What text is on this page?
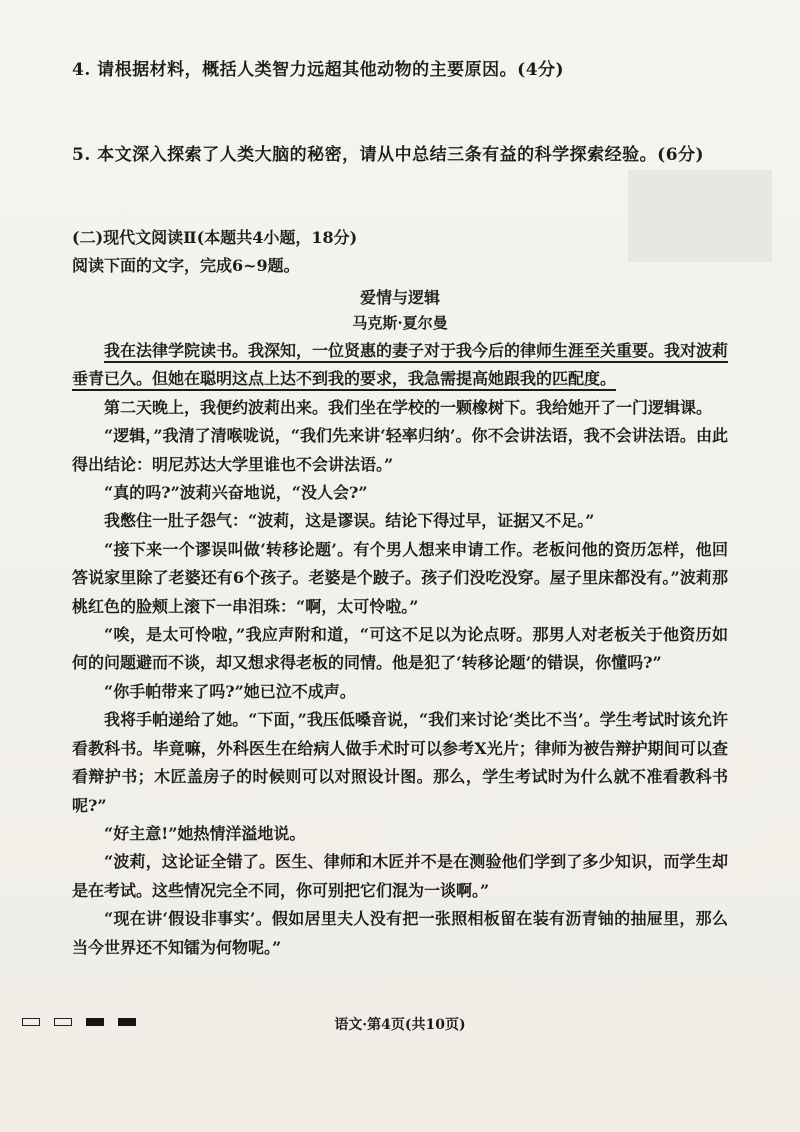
4. 请根据材料，概括人类智力远超其他动物的主要原因。(4分)
5. 本文深入探索了人类大脑的秘密，请从中总结三条有益的科学探索经验。(6分)
(二)现代文阅读Ⅱ(本题共4小题，18分)
阅读下面的文字，完成6~9题。
爱情与逻辑
马克斯·夏尔曼

我在法律学院读书。我深知，一位贤惠的妻子对于我今后的律师生涯至关重要。我对波莉垂青已久。但她在聪明这点上达不到我的要求，我急需提高她跟我的匹配度。

第二天晚上，我便约波莉出来。我们坐在学校的一颗橡树下。我给她开了一门逻辑课。

“逻辑，”我清了清喉咙说，“我们先来讲‘轻率归纳’。你不会讲法语，我不会讲法语。由此得出结论：明尼苏达大学里谁也不会讲法语。”

“真的吗?”波莉兴奋地说，“没人会?”

我憋住一肚子怨气：“波莉，这是谬误。结论下得过早，证据又不足。”

“接下来一个谬误叫做‘转移论题’。有个男人想来申请工作。老板问他的资历怎样，他回答说家里除了老婆还有6个孩子。老婆是个跛子。孩子们没吃没穿。屋子里床都没有。”波莉那桃红色的脸颊上滚下一串泪珠：“啊，太可怜啦。”

“唉，是太可怜啦，”我应声附和道，“可这不足以为论点呀。那男人对老板关于他资历如何的问题避而不谈，却又想求得老板的同情。他是犯了‘转移论题’的错误，你懂吗?”

“你手帕带来了吗?”她已泣不成声。

我将手帕递给了她。“下面，”我压低嗓音说，“我们来讨论‘类比不当’。学生考试时该允许看教科书。毕竟嘛，外科医生在给病人做手术时可以参考X光片；律师为被告辩护期间可以查看辩护书；木匠盖房子的时候则可以对照设计图。那么，学生考试时为什么就不准看教科书呢?”

“好主意!”她热情洋溢地说。

“波莉，这论证全错了。医生、律师和木匠并不是在测验他们学到了多少知识，而学生却是在考试。这些情况完全不同，你可别把它们混为一谈啊。”

“现在讲‘假设非事实’。假如居里夫人没有把一张照相板留在装有沥青铀的抽屉里，那么当今世界还不知镭为何物呢。”

语文·第4页(共10页)
